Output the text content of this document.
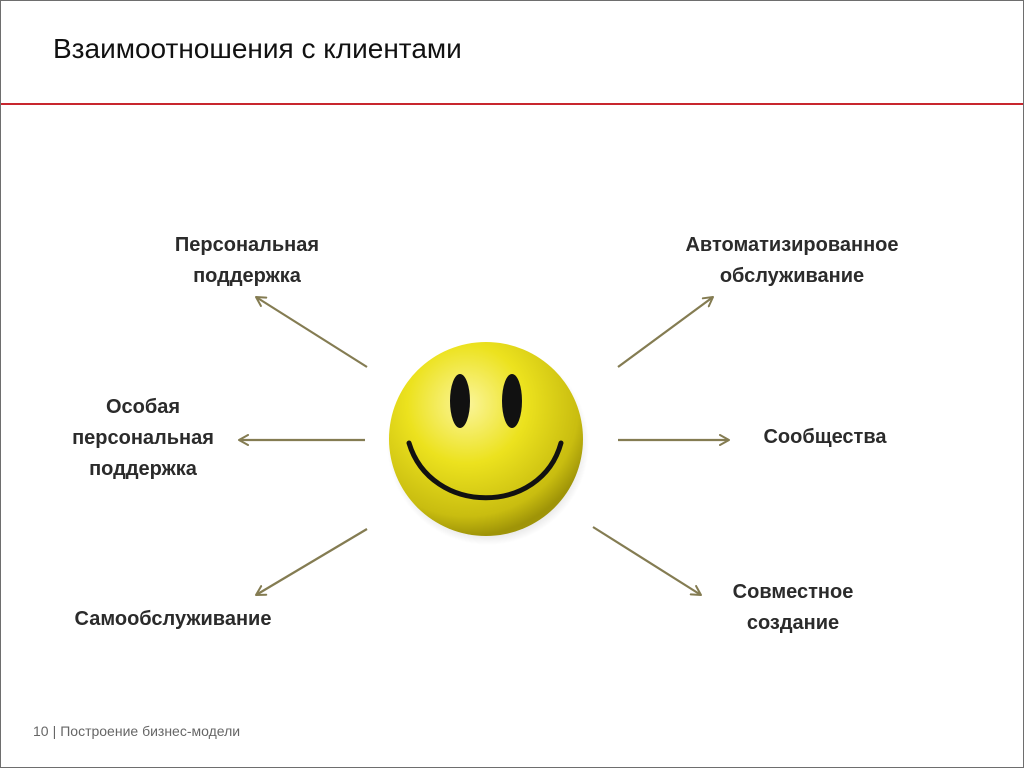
Взаимоотношения с клиентами
Персональная
поддержка
Особая
персональная
поддержка
Самообслуживание
Автоматизированное
обслуживание
Сообщества
Совместное
создание
10 | Построение бизнес-модели
